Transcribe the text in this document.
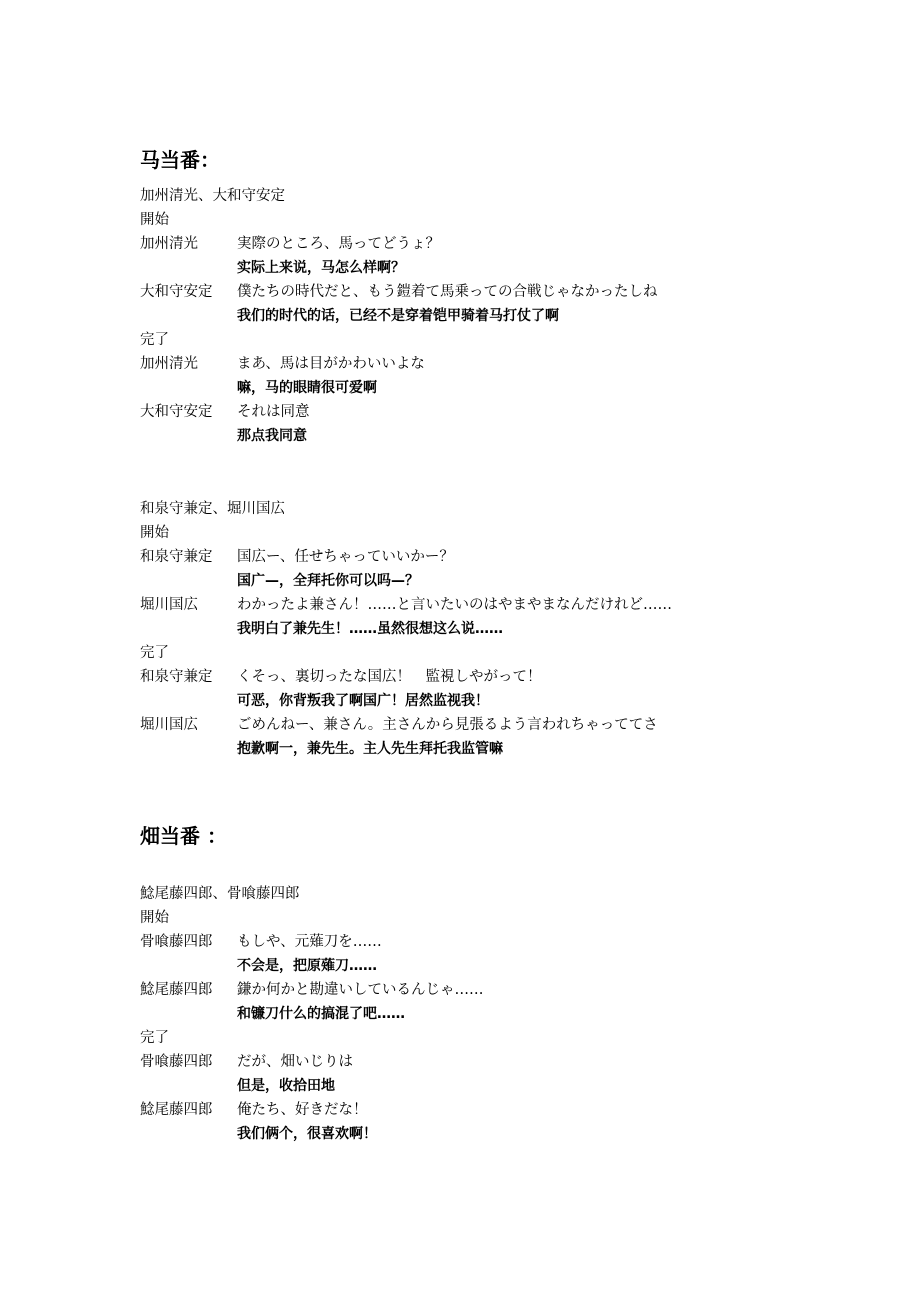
马当番：
加州清光、大和守安定
開始
加州清光	実際のところ、馬ってどうょ？
实际上来说，马怎么样啊？
大和守安定 僕たちの時代だと、もう鎧着て馬乗っての合戦じゃなかったしね
我们的时代的话，已经不是穿着铠甲骑着马打仗了啊
完了
加州清光	まあ、馬は目がかわいいよな
嘛，马的眼睛很可爱啊
大和守安定 それは同意
那点我同意
和泉守兼定、堀川国広
開始
和泉守兼定 国広ー、任せちゃっていいかー？
国广—，全拜托你可以吗—？
堀川国広	わかったよ兼さん！……と言いたいのはやまやまなんだけれど……
我明白了兼先生！……虽然很想这么说……
完了
和泉守兼定 くそっ、裏切ったな国広！　監視しやがって！
可恶，你背叛我了啊国广！居然监视我！
堀川国広	ごめんねー、兼さん。主さんから見張るよう言われちゃっててさ
抱歉啊一，兼先生。主人先生拜托我监管嘛
畑当番 ：
鯰尾藤四郎、骨喰藤四郎
開始
骨喰藤四郎 もしや、元薙刀を……
不会是，把原薙刀……
鯰尾藤四郎 鎌か何かと勘違いしているんじゃ……
和镰刀什么的搞混了吧……
完了
骨喰藤四郎 だが、畑いじりは
但是，收拾田地
鯰尾藤四郎 俺たち、好きだな！
我们俩个，很喜欢啊！
